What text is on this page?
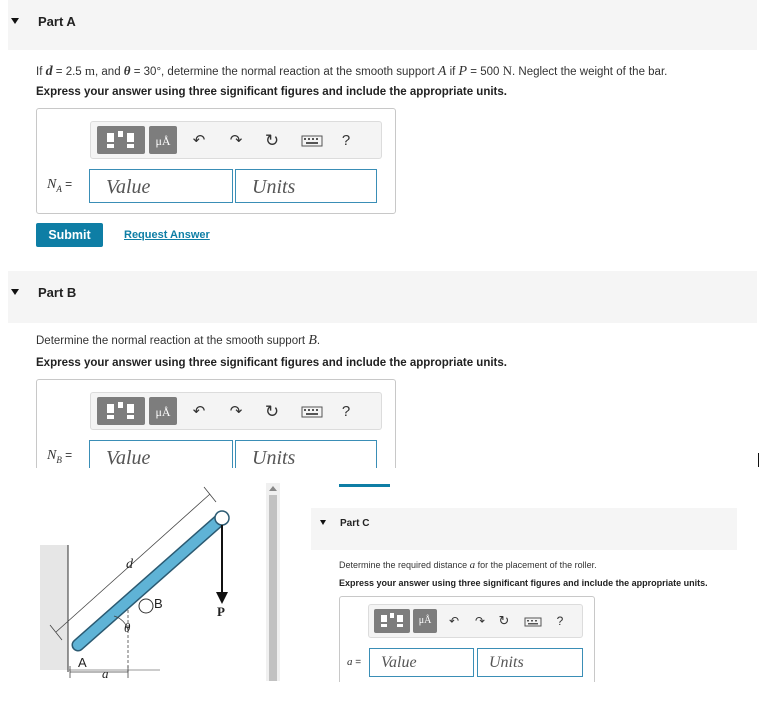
Part A
If d = 2.5 m, and θ = 30°, determine the normal reaction at the smooth support A if P = 500 N. Neglect the weight of the bar.
Express your answer using three significant figures and include the appropriate units.
μÅ	↶ ↷ ↻	?
$N_A$ = Value	Units
Submit	Request Answer
Part B
Determine the normal reaction at the smooth support B.
Express your answer using three significant figures and include the appropriate units.
μÅ	↶ ↷ ↻	?
$N_B$ = Value	Units
d
B
P
θ
A
a
Part C
Determine the required distance a for the placement of the roller.
Express your answer using three significant figures and include the appropriate units.
μÅ	↶ ↷ ↻	?
a = Value	Units
